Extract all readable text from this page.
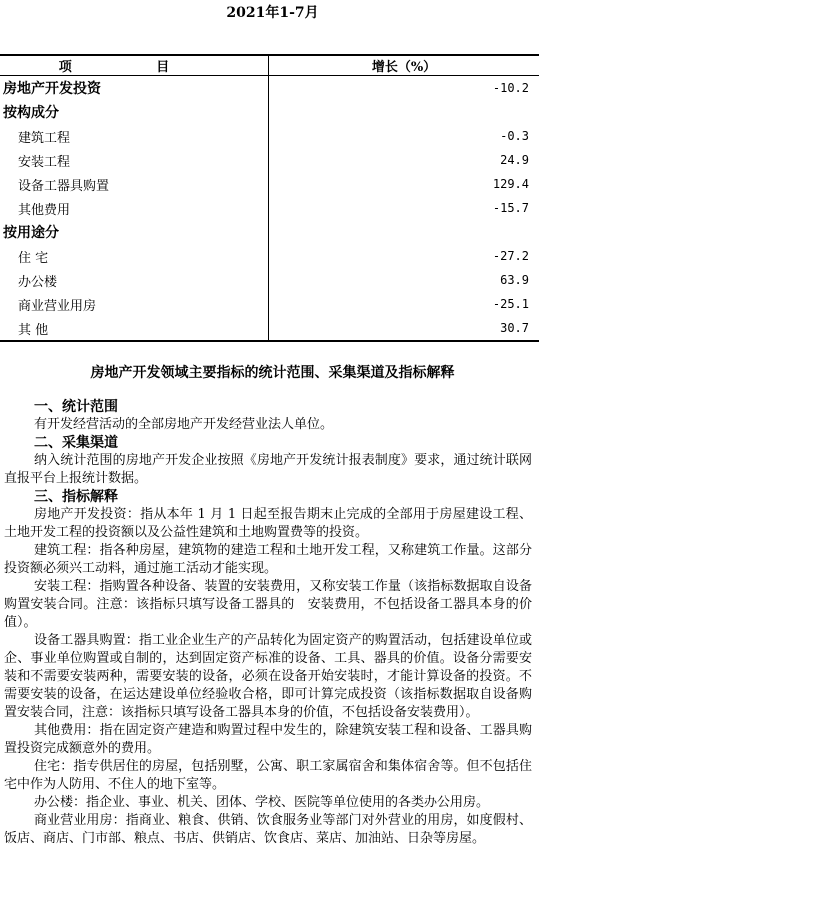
2021年1-7月
项 目	增长（%）
房地产开发投资	-10.2
按构成分	
建筑工程	-0.3
安装工程	24.9
设备工器具购置	129.4
其他费用	-15.7
按用途分	
住 宅	-27.2
办公楼	63.9
商业营业用房	-25.1
其 他	30.7
房地产开发领域主要指标的统计范围、采集渠道及指标解释
一、统计范围

有开发经营活动的全部房地产开发经营业法人单位。

二、采集渠道

纳入统计范围的房地产开发企业按照《房地产开发统计报表制度》要求，通过统计联网直报平台上报统计数据。

三、指标解释

房地产开发投资：指从本年 1 月 1 日起至报告期末止完成的全部用于房屋建设工程、土地开发工程的投资额以及公益性建筑和土地购置费等的投资。

建筑工程：指各种房屋，建筑物的建造工程和土地开发工程，又称建筑工作量。这部分投资额必须兴工动料，通过施工活动才能实现。

安装工程：指购置各种设备、装置的安装费用，又称安装工作量（该指标数据取自设备购置安装合同。注意：该指标只填写设备工器具的　安装费用，不包括设备工器具本身的价值）。

设备工器具购置：指工业企业生产的产品转化为固定资产的购置活动，包括建设单位或企、事业单位购置或自制的，达到固定资产标准的设备、工具、器具的价值。设备分需要安装和不需要安装两种，需要安装的设备，必须在设备开始安装时，才能计算设备的投资。不需要安装的设备，在运达建设单位经验收合格，即可计算完成投资（该指标数据取自设备购置安装合同，注意：该指标只填写设备工器具本身的价值，不包括设备安装费用）。

其他费用：指在固定资产建造和购置过程中发生的，除建筑安装工程和设备、工器具购置投资完成额意外的费用。

住宅：指专供居住的房屋，包括别墅，公寓、职工家属宿舍和集体宿舍等。但不包括住宅中作为人防用、不住人的地下室等。

办公楼：指企业、事业、机关、团体、学校、医院等单位使用的各类办公用房。

商业营业用房：指商业、粮食、供销、饮食服务业等部门对外营业的用房，如度假村、饭店、商店、门市部、粮点、书店、供销店、饮食店、菜店、加油站、日杂等房屋。
